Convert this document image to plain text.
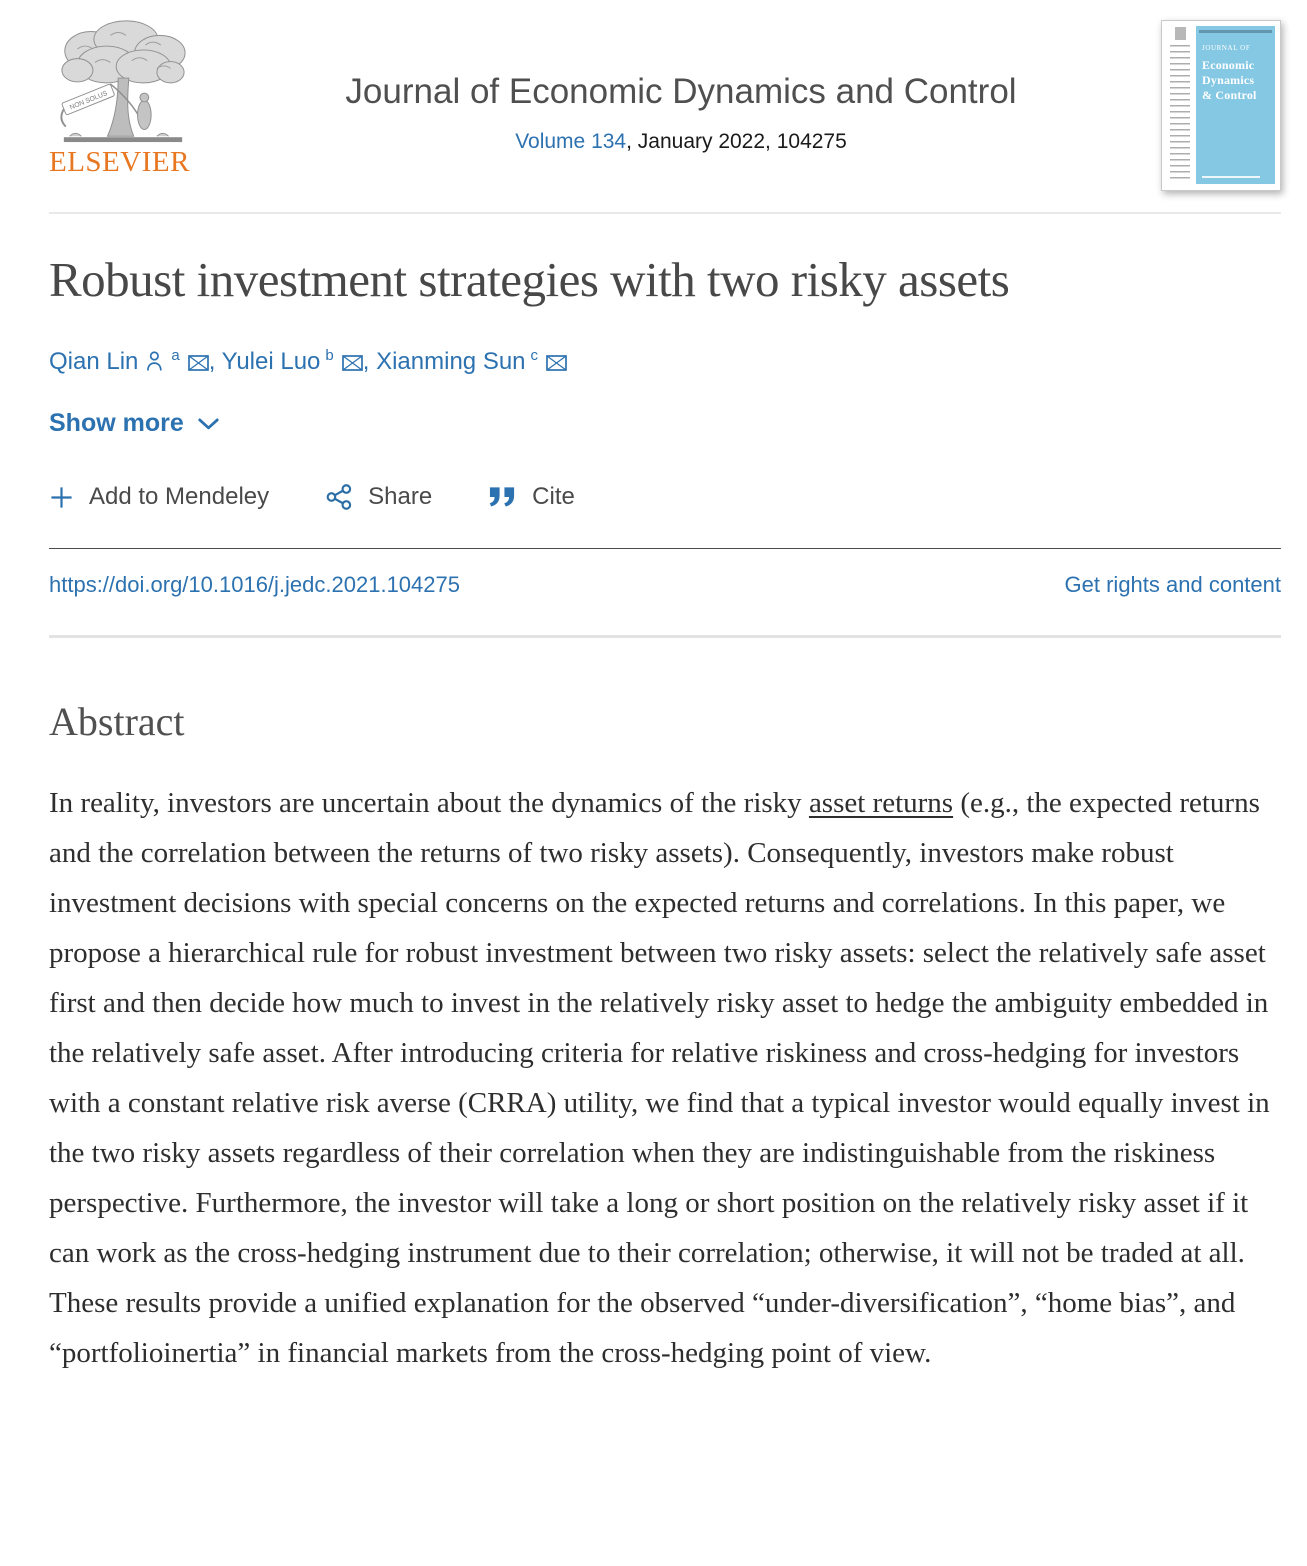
NON SOLUS
ELSEVIER
Journal of Economic Dynamics and Control
Volume 134, January 2022, 104275
JOURNAL OF
Economic
Dynamics
& Control
Robust investment strategies with two risky assets
Qian Lin $^a$ , Yulei Luo $^b$ , Xianming Sun $^c$
Show more
Add to Mendeley	Share	Cite
https://doi.org/10.1016/j.jedc.2021.104275	Get rights and content
Abstract

In reality, investors are uncertain about the dynamics of the risky asset returns (e.g., the expected returns and the correlation between the returns of two risky assets). Consequently, investors make robust investment decisions with special concerns on the expected returns and correlations. In this paper, we propose a hierarchical rule for robust investment between two risky assets: select the relatively safe asset first and then decide how much to invest in the relatively risky asset to hedge the ambiguity embedded in the relatively safe asset. After introducing criteria for relative riskiness and cross-hedging for investors with a constant relative risk averse (CRRA) utility, we find that a typical investor would equally invest in the two risky assets regardless of their correlation when they are indistinguishable from the riskiness perspective. Furthermore, the investor will take a long or short position on the relatively risky asset if it can work as the cross-hedging instrument due to their correlation; otherwise, it will not be traded at all. These results provide a unified explanation for the observed “under-diversification”, “home bias”, and “portfolioinertia” in financial markets from the cross-hedging point of view.
